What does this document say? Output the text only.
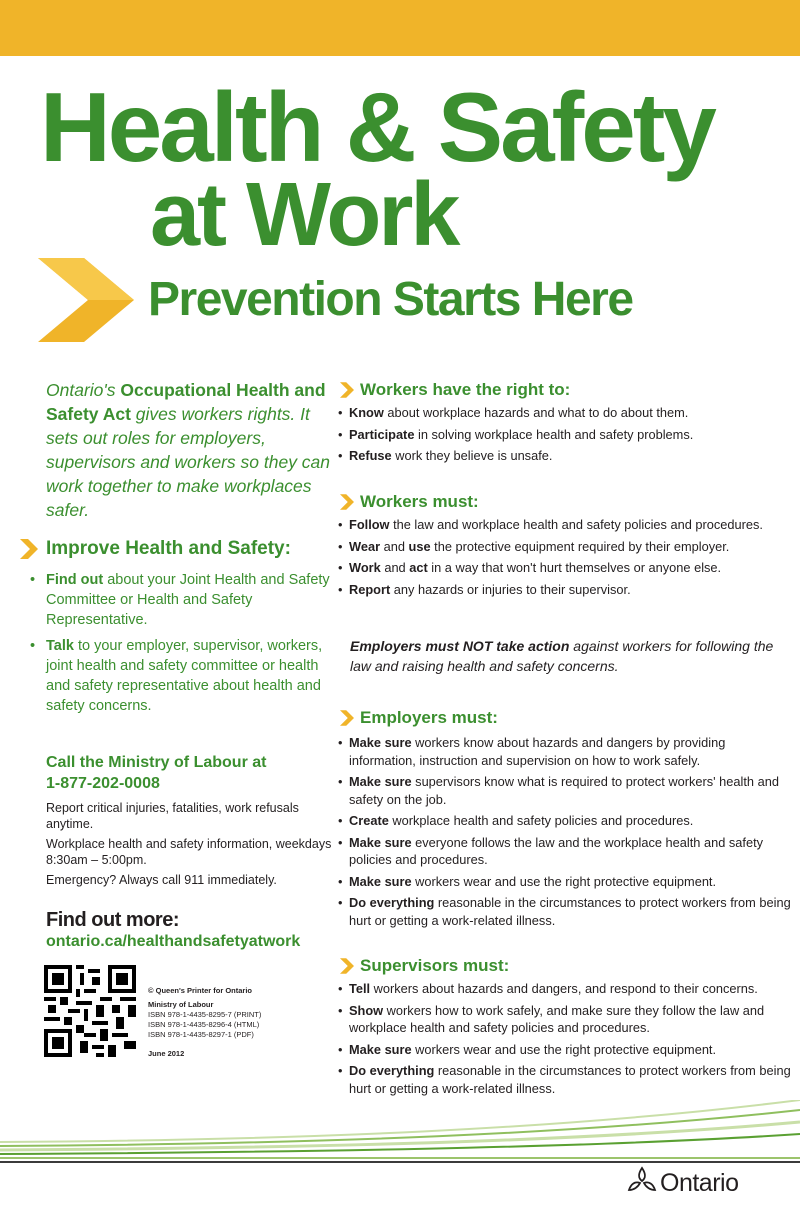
Health & Safety
at Work
Prevention Starts Here
Ontario's Occupational Health and Safety Act gives workers rights. It sets out roles for employers, supervisors and workers so they can work together to make workplaces safer.
Improve Health and Safety:
• Find out about your Joint Health and Safety Committee or Health and Safety Representative.
• Talk to your employer, supervisor, workers, joint health and safety committee or health and safety representative about health and safety concerns.
Call the Ministry of Labour at
1-877-202-0008
Report critical injuries, fatalities, work refusals anytime.
Workplace health and safety information, weekdays 8:30am – 5:00pm.
Emergency? Always call 911 immediately.
Find out more:
ontario.ca/healthandsafetyatwork
© Queen's Printer for Ontario
Ministry of Labour
ISBN 978-1-4435-8295-7 (PRINT)
ISBN 978-1-4435-8296-4 (HTML)
ISBN 978-1-4435-8297-1 (PDF)
June 2012
Workers have the right to:
• Know about workplace hazards and what to do about them.
• Participate in solving workplace health and safety problems.
• Refuse work they believe is unsafe.
Workers must:
• Follow the law and workplace health and safety policies and procedures.
• Wear and use the protective equipment required by their employer.
• Work and act in a way that won't hurt themselves or anyone else.
• Report any hazards or injuries to their supervisor.
Employers must NOT take action against workers for following the law and raising health and safety concerns.
Employers must:
• Make sure workers know about hazards and dangers by providing information, instruction and supervision on how to work safely.
• Make sure supervisors know what is required to protect workers' health and safety on the job.
• Create workplace health and safety policies and procedures.
• Make sure everyone follows the law and the workplace health and safety policies and procedures.
• Make sure workers wear and use the right protective equipment.
• Do everything reasonable in the circumstances to protect workers from being hurt or getting a work-related illness.
Supervisors must:
• Tell workers about hazards and dangers, and respond to their concerns.
• Show workers how to work safely, and make sure they follow the law and workplace health and safety policies and procedures.
• Make sure workers wear and use the right protective equipment.
• Do everything reasonable in the circumstances to protect workers from being hurt or getting a work-related illness.
Ontario
